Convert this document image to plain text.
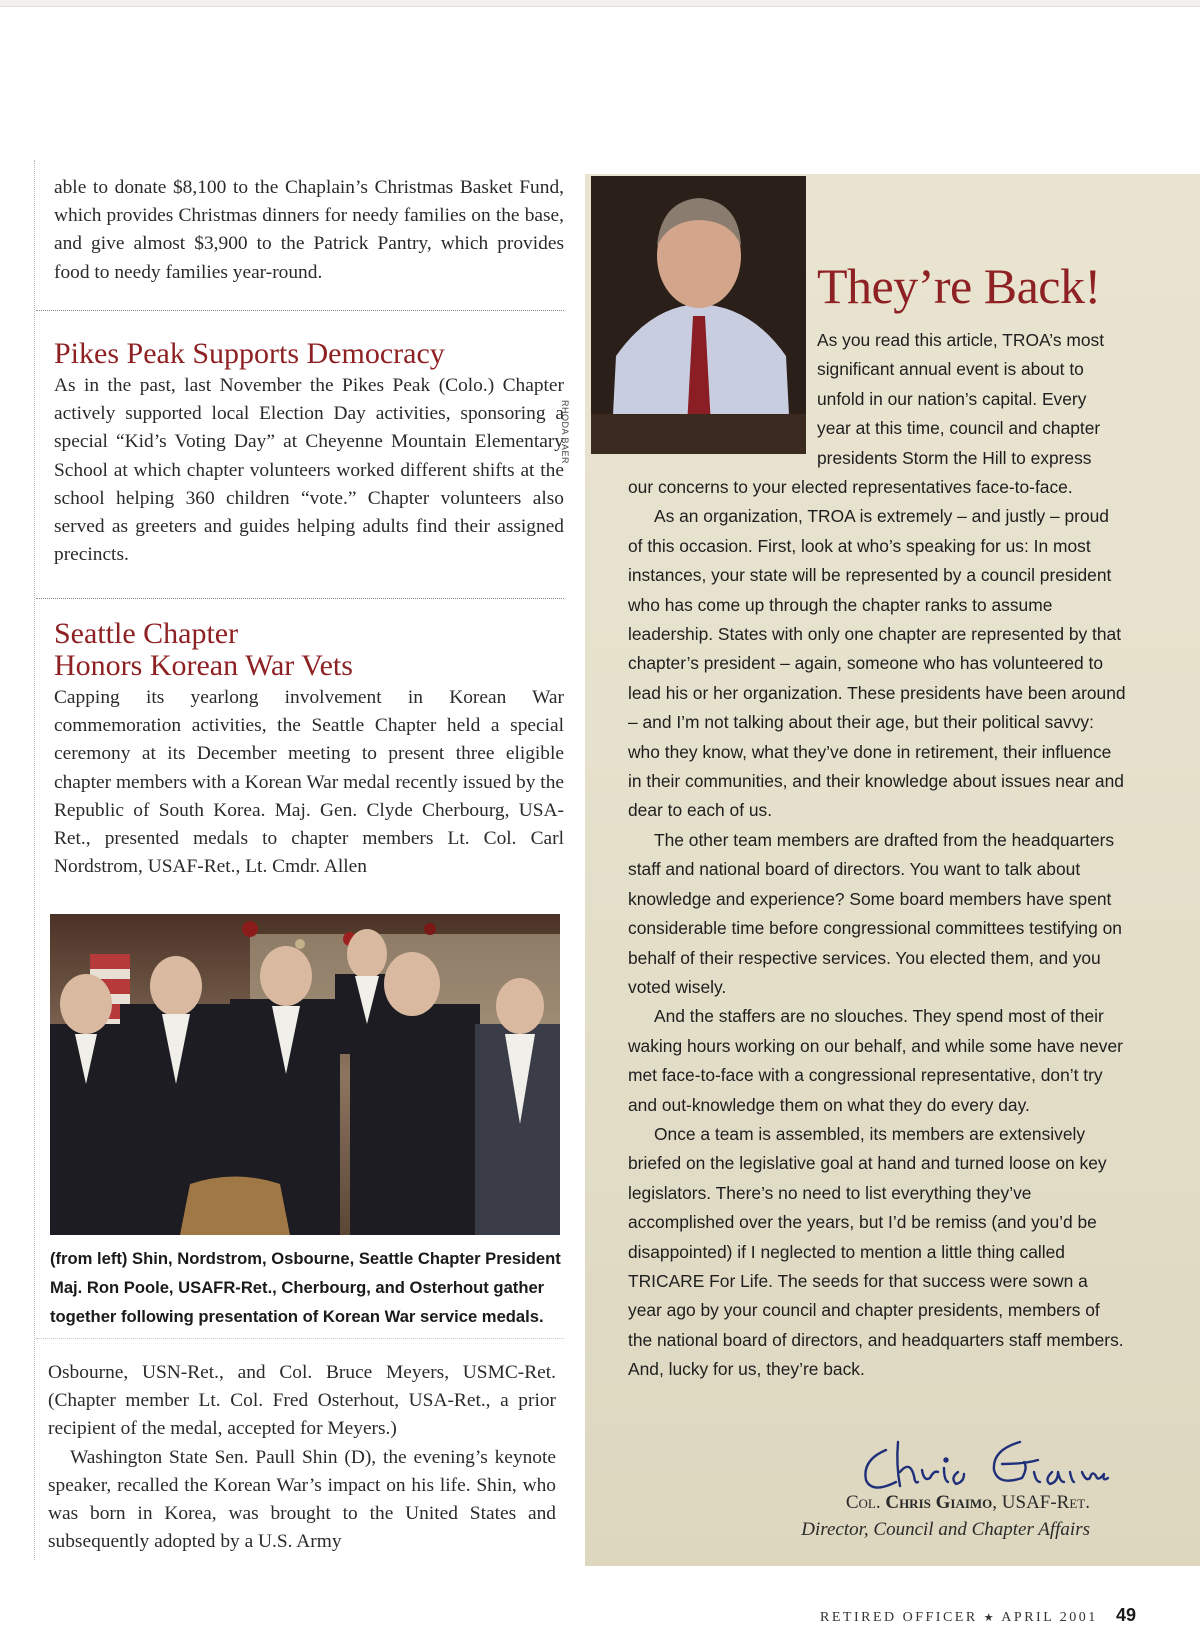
able to donate $8,100 to the Chaplain’s Christmas Basket Fund, which provides Christmas dinners for needy families on the base, and give almost $3,900 to the Patrick Pantry, which provides food to needy families year-round.

Pikes Peak Supports Democracy

As in the past, last November the Pikes Peak (Colo.) Chapter actively supported local Election Day activities, sponsoring a special “Kid’s Voting Day” at Cheyenne Mountain Elementary School at which chapter volunteers worked different shifts at the school helping 360 children “vote.” Chapter volunteers also served as greeters and guides helping adults find their assigned precincts.

Seattle Chapter
Honors Korean War Vets

Capping its yearlong involvement in Korean War commemoration activities, the Seattle Chapter held a special ceremony at its December meeting to present three eligible chapter members with a Korean War medal recently issued by the Republic of South Korea. Maj. Gen. Clyde Cherbourg, USA-Ret., presented medals to chapter members Lt. Col. Carl Nordstrom, USAF-Ret., Lt. Cmdr. Allen

(from left) Shin, Nordstrom, Osbourne, Seattle Chapter President Maj. Ron Poole, USAFR-Ret., Cherbourg, and Osterhout gather together following presentation of Korean War service medals.

Osbourne, USN-Ret., and Col. Bruce Meyers, USMC-Ret. (Chapter member Lt. Col. Fred Osterhout, USA-Ret., a prior recipient of the medal, accepted for Meyers.)

Washington State Sen. Paull Shin (D), the evening’s keynote speaker, recalled the Korean War’s impact on his life. Shin, who was born in Korea, was brought to the United States and subsequently adopted by a U.S. Army

RHODA BAER
They’re Back!
As you read this article, TROA’s most
significant annual event is about to
unfold in our nation’s capital. Every
year at this time, council and chapter
presidents Storm the Hill to express

our concerns to your elected representatives face-to-face.

As an organization, TROA is extremely – and justly – proud of this occasion. First, look at who’s speaking for us: In most instances, your state will be represented by a council president who has come up through the chapter ranks to assume leadership. States with only one chapter are represented by that chapter’s president – again, someone who has volunteered to lead his or her organization. These presidents have been around – and I’m not talking about their age, but their political savvy: who they know, what they’ve done in retirement, their influence in their communities, and their knowledge about issues near and dear to each of us.

The other team members are drafted from the headquarters staff and national board of directors. You want to talk about knowledge and experience? Some board members have spent considerable time before congressional committees testifying on behalf of their respective services. You elected them, and you voted wisely.

And the staffers are no slouches. They spend most of their waking hours working on our behalf, and while some have never met face-to-face with a congressional representative, don’t try and out-knowledge them on what they do every day.

Once a team is assembled, its members are extensively briefed on the legislative goal at hand and turned loose on key legislators. There’s no need to list everything they’ve accomplished over the years, but I’d be remiss (and you’d be disappointed) if I neglected to mention a little thing called TRICARE For Life. The seeds for that success were sown a year ago by your council and chapter presidents, members of the national board of directors, and headquarters staff members. And, lucky for us, they’re back.

Col. Chris Giaimo, USAF-Ret.
Director, Council and Chapter Affairs
RETIRED OFFICER ★ APRIL 2001 49
